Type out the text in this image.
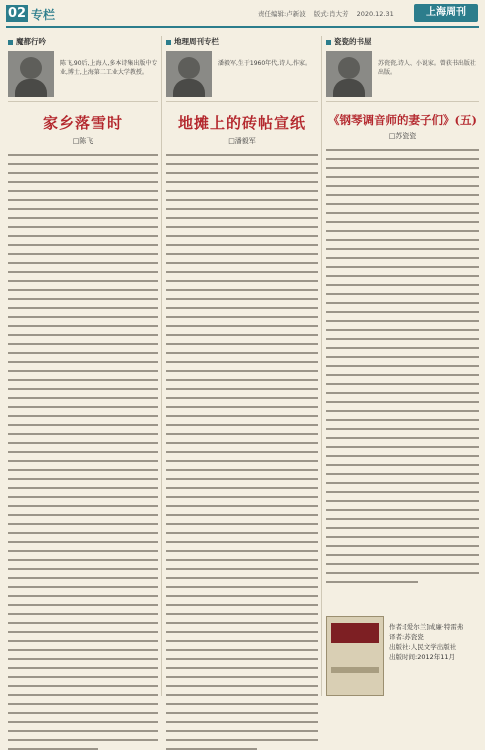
02 专栏	责任编辑:卢新波 版式:肖大芳 2020.12.31	上海周刊
魔都行吟
陈飞,90后,上海人,多本诗集出版中专业,博士,上海第二工业大学教授。
家乡落雪时
□陈飞
地理周刊专栏
潘毅军,生于1960年代,诗人,作家。
地摊上的砖帖宣纸
□潘毅军
瓷瓷的书屋
苏瓷瓷,诗人、小说家。曾获书出版社出版。
《钢琴调音师的妻子们》(五)
□苏瓷瓷
作者:[爱尔兰]成廉·特雷弗
译者:苏瓷瓷
出版社:人民文学出版社
出版时间:2012年11月
